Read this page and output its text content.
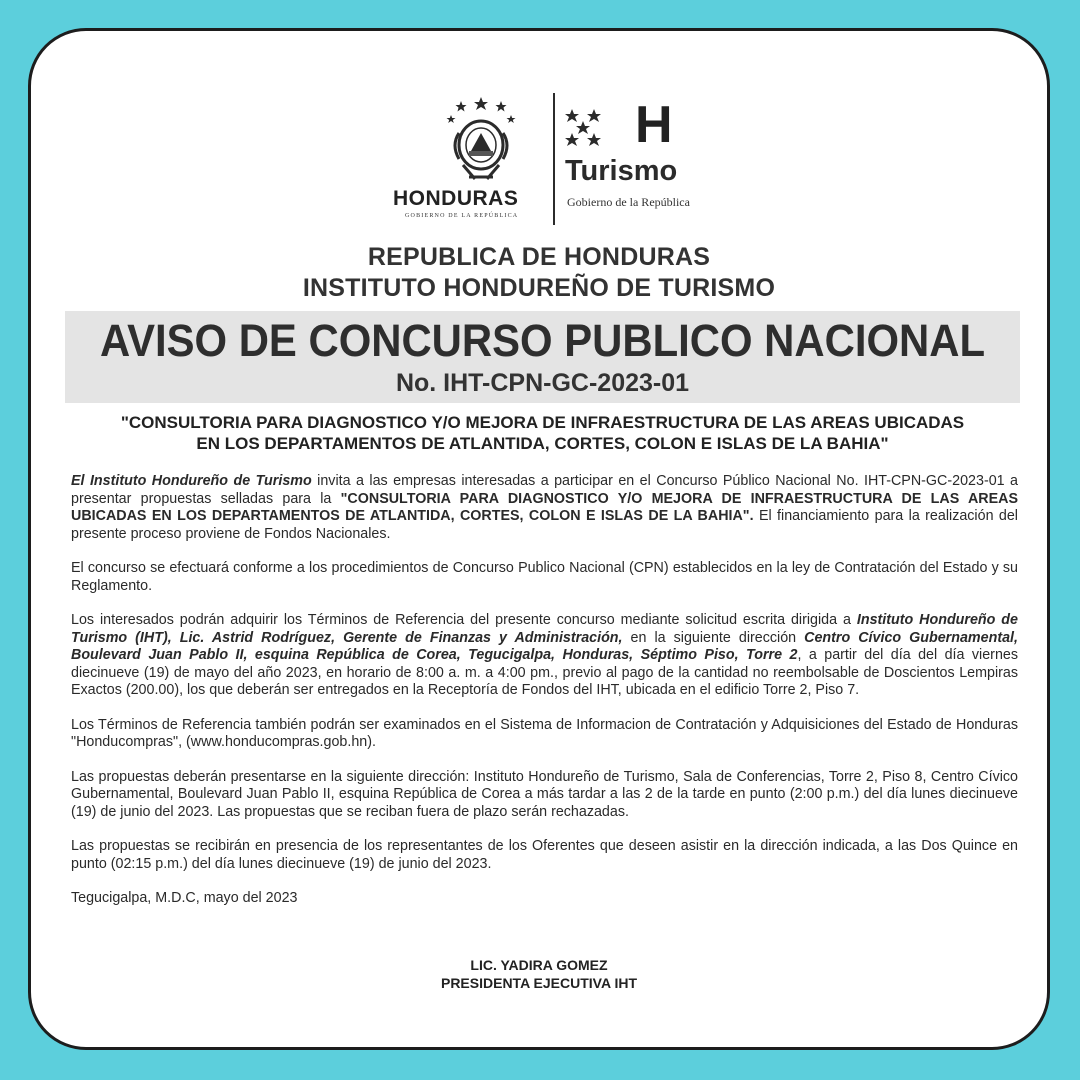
HONDURAS
GOBIERNO DE LA REPÚBLICA
H
Turismo
Gobierno de la República
REPUBLICA DE HONDURAS
INSTITUTO HONDUREÑO DE TURISMO
AVISO DE CONCURSO PUBLICO NACIONAL
No. IHT-CPN-GC-2023-01
"CONSULTORIA PARA DIAGNOSTICO Y/O MEJORA DE INFRAESTRUCTURA DE LAS AREAS UBICADAS
EN LOS DEPARTAMENTOS DE ATLANTIDA, CORTES, COLON E ISLAS DE LA BAHIA"

El Instituto Hondureño de Turismo invita a las empresas interesadas a participar en el Concurso Público Nacional No. IHT-CPN-GC-2023-01 a presentar propuestas selladas para la "CONSULTORIA PARA DIAGNOSTICO Y/O MEJORA DE INFRAESTRUCTURA DE LAS AREAS UBICADAS EN LOS DEPARTAMENTOS DE ATLANTIDA, CORTES, COLON E ISLAS DE LA BAHIA". El financiamiento para la realización del presente proceso proviene de Fondos Nacionales.

El concurso se efectuará conforme a los procedimientos de Concurso Publico Nacional (CPN) establecidos en la ley de Contratación del Estado y su Reglamento.

Los interesados podrán adquirir los Términos de Referencia del presente concurso mediante solicitud escrita dirigida a Instituto Hondureño de Turismo (IHT), Lic. Astrid Rodríguez, Gerente de Finanzas y Administración, en la siguiente dirección Centro Cívico Gubernamental, Boulevard Juan Pablo II, esquina República de Corea, Tegucigalpa, Honduras, Séptimo Piso, Torre 2, a partir del día del día viernes diecinueve (19) de mayo del año 2023, en horario de 8:00 a. m. a 4:00 pm., previo al pago de la cantidad no reembolsable de Doscientos Lempiras Exactos (200.00), los que deberán ser entregados en la Receptoría de Fondos del IHT, ubicada en el edificio Torre 2, Piso 7.

Los Términos de Referencia también podrán ser examinados en el Sistema de Informacion de Contratación y Adquisiciones del Estado de Honduras "Honducompras", (www.honducompras.gob.hn).

Las propuestas deberán presentarse en la siguiente dirección: Instituto Hondureño de Turismo, Sala de Conferencias, Torre 2, Piso 8, Centro Cívico Gubernamental, Boulevard Juan Pablo II, esquina República de Corea a más tardar a las 2 de la tarde en punto (2:00 p.m.) del día lunes diecinueve (19) de junio del 2023. Las propuestas que se reciban fuera de plazo serán rechazadas.

Las propuestas se recibirán en presencia de los representantes de los Oferentes que deseen asistir en la dirección indicada, a las Dos Quince en punto (02:15 p.m.) del día lunes diecinueve (19) de junio del 2023.

Tegucigalpa, M.D.C, mayo del 2023

LIC. YADIRA GOMEZ
PRESIDENTA EJECUTIVA IHT
